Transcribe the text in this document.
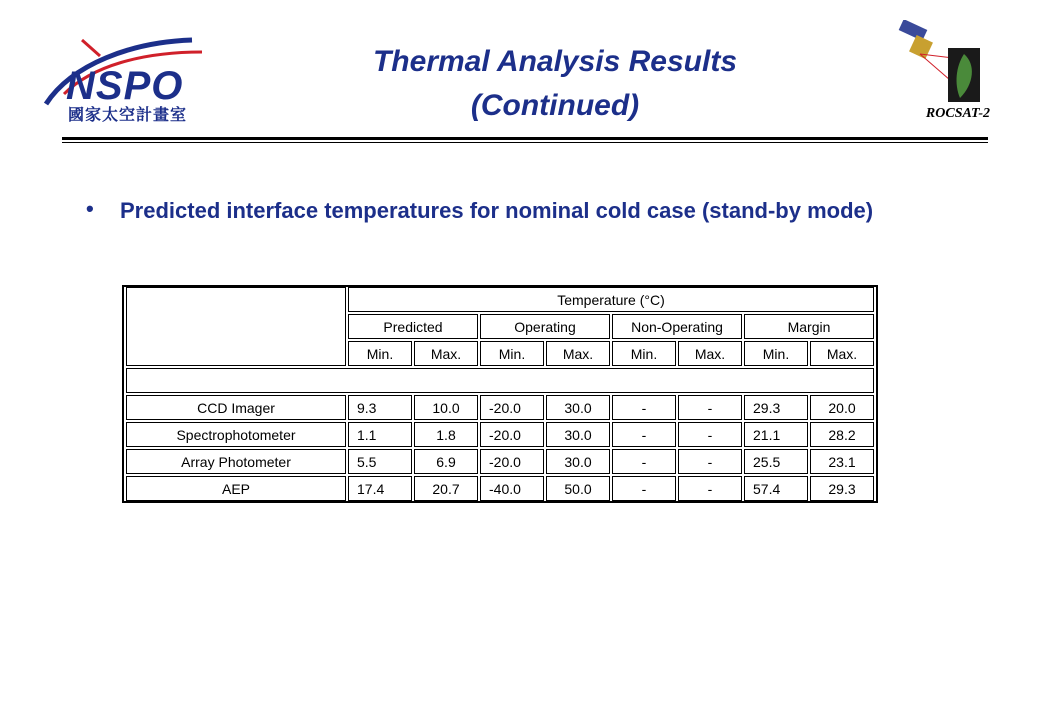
NSPO
國家太空計畫室
Thermal Analysis Results
(Continued)	ROCSAT-2
• Predicted interface temperatures for nominal cold case (stand-by mode)
	Temperature (°C)							

	Predicted		Operating		Non-Operating		Margin	

	Min.	Max.	Min.	Max.	Min.	Max.	Min.	Max.

CCD Imager	9.3	10.0	-20.0	30.0	-	-	29.3	20.0

Spectrophotometer	1.1	1.8	-20.0	30.0	-	-	21.1	28.2

Array Photometer	5.5	6.9	-20.0	30.0	-	-	25.5	23.1

AEP	17.4	20.7	-40.0	50.0	-	-	57.4	29.3
